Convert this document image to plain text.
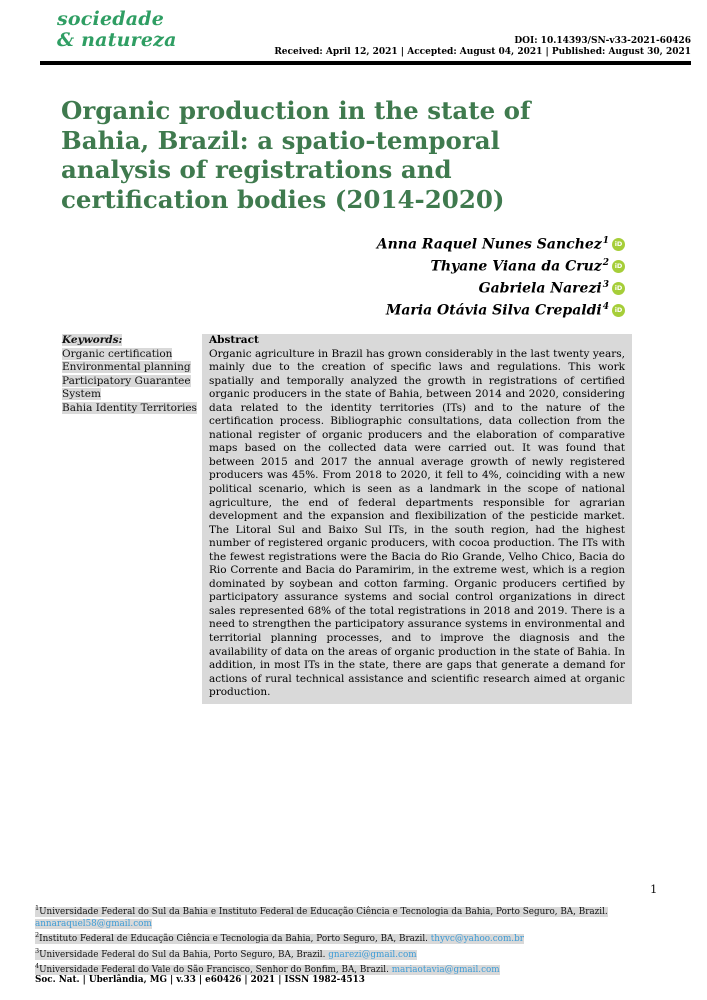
sociedade
& natureza	DOI: 10.14393/SN-v33-2021-60426
Received: April 12, 2021 | Accepted: August 04, 2021 | Published: August 30, 2021
Organic production in the state of Bahia, Brazil: a spatio-temporal analysis of registrations and certification bodies (2014-2020)
Anna Raquel Nunes Sanchez$^1$ iD
Thyane Viana da Cruz$^2$ iD
Gabriela Narezi$^3$ iD
Maria Otávia Silva Crepaldi$^4$ iD
Keywords:
Organic certification
Environmental planning
Participatory Guarantee System
Bahia Identity Territories
Abstract
Organic agriculture in Brazil has grown considerably in the last twenty years, mainly due to the creation of specific laws and regulations. This work spatially and temporally analyzed the growth in registrations of certified organic producers in the state of Bahia, between 2014 and 2020, considering data related to the identity territories (ITs) and to the nature of the certification process. Bibliographic consultations, data collection from the national register of organic producers and the elaboration of comparative maps based on the collected data were carried out. It was found that between 2015 and 2017 the annual average growth of newly registered producers was 45%. From 2018 to 2020, it fell to 4%, coinciding with a new political scenario, which is seen as a landmark in the scope of national agriculture, the end of federal departments responsible for agrarian development and the expansion and flexibilization of the pesticide market. The Litoral Sul and Baixo Sul ITs, in the south region, had the highest number of registered organic producers, with cocoa production. The ITs with the fewest registrations were the Bacia do Rio Grande, Velho Chico, Bacia do Rio Corrente and Bacia do Paramirim, in the extreme west, which is a region dominated by soybean and cotton farming. Organic producers certified by participatory assurance systems and social control organizations in direct sales represented 68% of the total registrations in 2018 and 2019. There is a need to strengthen the participatory assurance systems in environmental and territorial planning processes, and to improve the diagnosis and the availability of data on the areas of organic production in the state of Bahia. In addition, in most ITs in the state, there are gaps that generate a demand for actions of rural technical assistance and scientific research aimed at organic production.
1
$^1$Universidade Federal do Sul da Bahia e Instituto Federal de Educação Ciência e Tecnologia da Bahia, Porto Seguro, BA, Brazil. annaraquel58@gmail.com
$^2$Instituto Federal de Educação Ciência e Tecnologia da Bahia, Porto Seguro, BA, Brazil. thyvc@yahoo.com.br
$^3$Universidade Federal do Sul da Bahia, Porto Seguro, BA, Brazil. gnarezi@gmail.com
$^4$Universidade Federal do Vale do São Francisco, Senhor do Bonfim, BA, Brazil. mariaotavia@gmail.com
Soc. Nat. | Uberlândia, MG | v.33 | e60426 | 2021 | ISSN 1982-4513
